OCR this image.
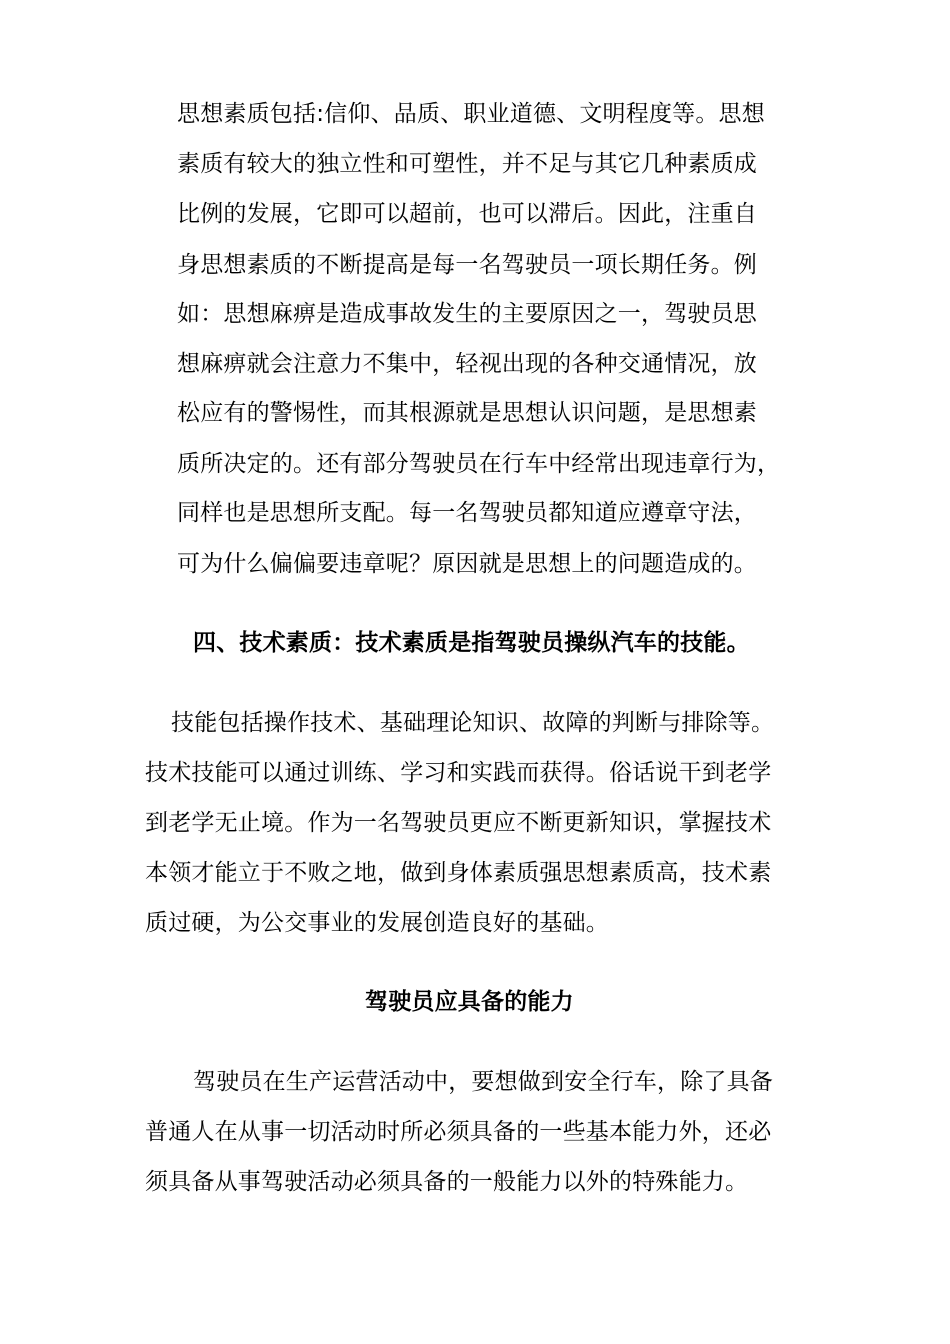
思想素质包括:信仰、品质、职业道德、文明程度等。思想
素质有较大的独立性和可塑性，并不足与其它几种素质成
比例的发展，它即可以超前，也可以滞后。因此，注重自
身思想素质的不断提高是每一名驾驶员一项长期任务。例
如：思想麻痹是造成事故发生的主要原因之一，驾驶员思
想麻痹就会注意力不集中，轻视出现的各种交通情况，放
松应有的警惕性，而其根源就是思想认识问题，是思想素
质所决定的。还有部分驾驶员在行车中经常出现违章行为，
同样也是思想所支配。每一名驾驶员都知道应遵章守法，
可为什么偏偏要违章呢？原因就是思想上的问题造成的。
四、技术素质：技术素质是指驾驶员操纵汽车的技能。
技能包括操作技术、基础理论知识、故障的判断与排除等。
技术技能可以通过训练、学习和实践而获得。俗话说干到老学
到老学无止境。作为一名驾驶员更应不断更新知识，掌握技术
本领才能立于不败之地，做到身体素质强思想素质高，技术素
质过硬，为公交事业的发展创造良好的基础。
驾驶员应具备的能力
驾驶员在生产运营活动中，要想做到安全行车，除了具备
普通人在从事一切活动时所必须具备的一些基本能力外，还必
须具备从事驾驶活动必须具备的一般能力以外的特殊能力。
